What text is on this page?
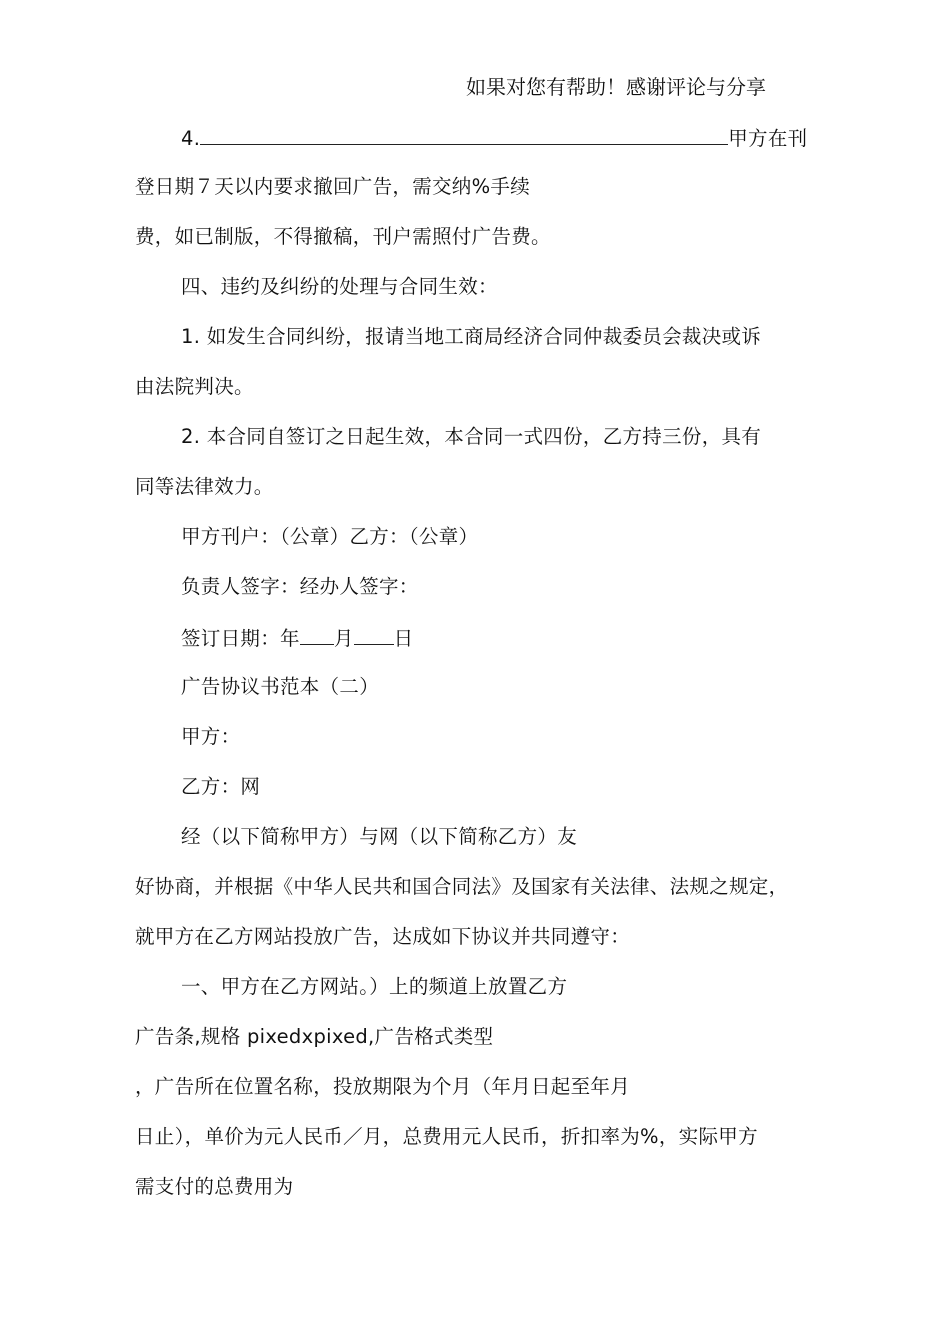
如果对您有帮助！感谢评论与分享
4.	甲方在刊
登日期７天以内要求撤回广告，需交纳%手续
费，如已制版，不得撤稿，刊户需照付广告费。
四、违约及纠纷的处理与合同生效：
1. 如发生合同纠纷，报请当地工商局经济合同仲裁委员会裁决或诉
由法院判决。
2. 本合同自签订之日起生效，本合同一式四份，乙方持三份，具有
同等法律效力。
甲方刊户：（公章）乙方：（公章）
负责人签字：经办人签字：
签订日期：年 月 日
广告协议书范本（二）
甲方：
乙方：网
经（以下简称甲方）与网（以下简称乙方）友
好协商，并根据《中华人民共和国合同法》及国家有关法律、法规之规定，
就甲方在乙方网站投放广告，达成如下协议并共同遵守：
一、甲方在乙方网站。）上的频道上放置乙方
广告条,规格 pixedxpixed,广告格式类型
，广告所在位置名称，投放期限为个月（年月日起至年月
日止），单价为元人民币／月，总费用元人民币，折扣率为%，实际甲方
需支付的总费用为
